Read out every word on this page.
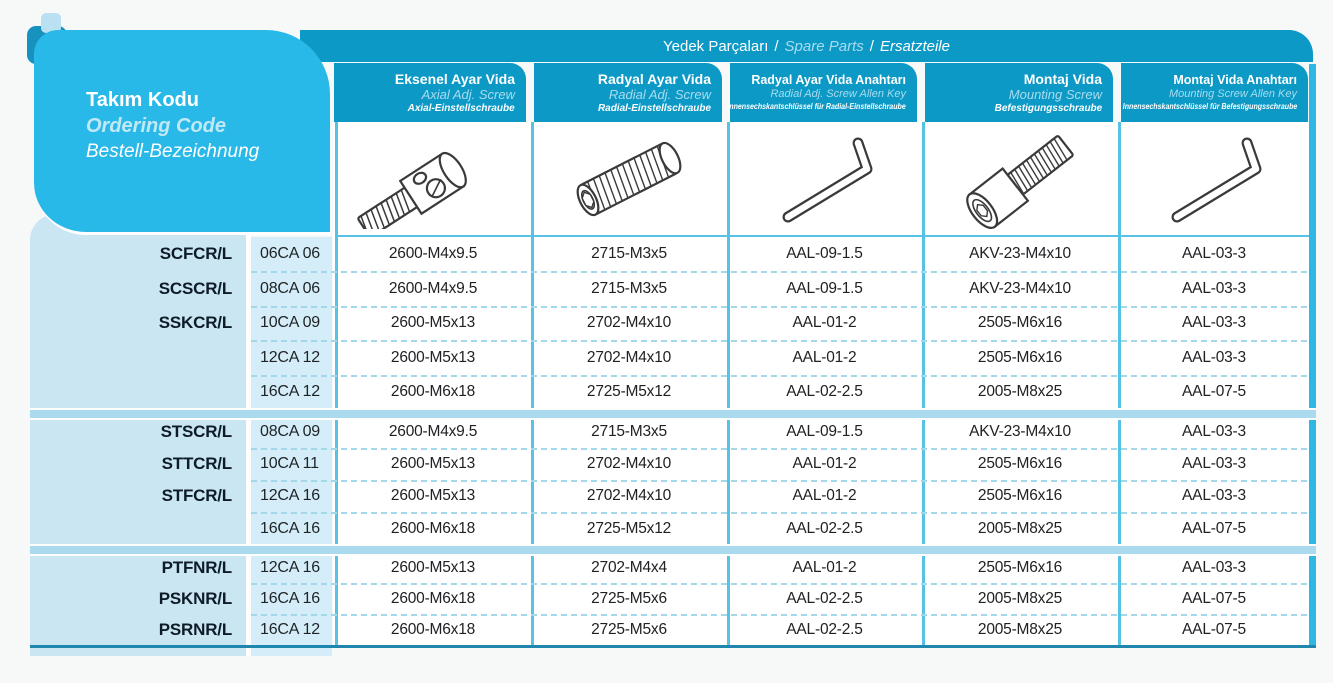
Yedek Parçaları / Spare Parts / Ersatzteile
Takım Kodu
Ordering Code
Bestell-Bezeichnung
Eksenel Ayar Vida
Axial Adj. Screw
Axial-Einstellschraube
Radyal Ayar Vida
Radial Adj. Screw
Radial-Einstellschraube
Radyal Ayar Vida Anahtarı
Radial Adj. Screw Allen Key
Innensechskantschlüssel für Radial-Einstellschraube
Montaj Vida
Mounting Screw
Befestigungsschraube
Montaj Vida Anahtarı
Mounting Screw Allen Key
Innensechskantschlüssel für Befestigungsschraube
SCFCR/L	06CA 06	2600-M4x9.5	2715-M3x5	AAL-09-1.5	AKV-23-M4x10	AAL-03-3
SCSCR/L	08CA 06	2600-M4x9.5	2715-M3x5	AAL-09-1.5	AKV-23-M4x10	AAL-03-3
SSKCR/L	10CA 09	2600-M5x13	2702-M4x10	AAL-01-2	2505-M6x16	AAL-03-3
12CA 12	2600-M5x13	2702-M4x10	AAL-01-2	2505-M6x16	AAL-03-3
16CA 12	2600-M6x18	2725-M5x12	AAL-02-2.5	2005-M8x25	AAL-07-5
STSCR/L	08CA 09	2600-M4x9.5	2715-M3x5	AAL-09-1.5	AKV-23-M4x10	AAL-03-3
STTCR/L	10CA 11	2600-M5x13	2702-M4x10	AAL-01-2	2505-M6x16	AAL-03-3
STFCR/L	12CA 16	2600-M5x13	2702-M4x10	AAL-01-2	2505-M6x16	AAL-03-3
16CA 16	2600-M6x18	2725-M5x12	AAL-02-2.5	2005-M8x25	AAL-07-5
PTFNR/L	12CA 16	2600-M5x13	2702-M4x4	AAL-01-2	2505-M6x16	AAL-03-3
PSKNR/L	16CA 16	2600-M6x18	2725-M5x6	AAL-02-2.5	2005-M8x25	AAL-07-5
PSRNR/L	16CA 12	2600-M6x18	2725-M5x6	AAL-02-2.5	2005-M8x25	AAL-07-5
